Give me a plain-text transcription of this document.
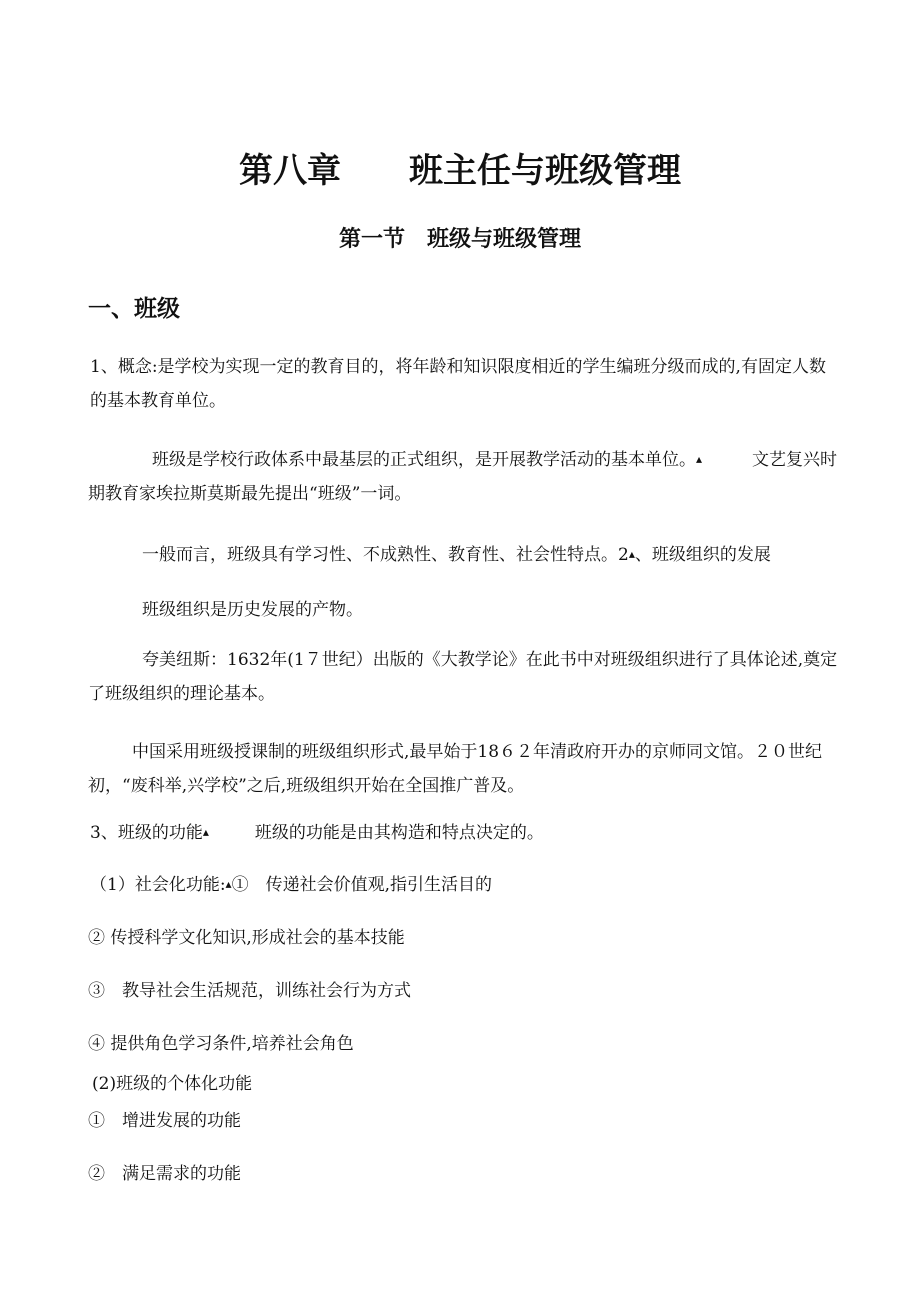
第八章 班主任与班级管理
第一节 班级与班级管理
一、班级
1、概念:是学校为实现一定的教育目的，将年龄和知识限度相近的学生编班分级而成的,有固定人数的基本教育单位。
班级是学校行政体系中最基层的正式组织，是开展教学活动的基本单位。▴	文艺复兴时期教育家埃拉斯莫斯最先提出“班级”一词。
一般而言，班级具有学习性、不成熟性、教育性、社会性特点。2▴、班级组织的发展
班级组织是历史发展的产物。
夸美纽斯：1632年(1７世纪）出版的《大教学论》在此书中对班级组织进行了具体论述,奠定了班级组织的理论基本。
中国采用班级授课制的班级组织形式,最早始于18６２年清政府开办的京师同文馆。２０世纪初，“废科举,兴学校”之后,班级组织开始在全国推广普及。
3、班级的功能▴	班级的功能是由其构造和特点决定的。
（1）社会化功能:▴①　传递社会价值观,指引生活目的
② 传授科学文化知识,形成社会的基本技能
③　教导社会生活规范，训练社会行为方式
④ 提供角色学习条件,培养社会角色
(2)班级的个体化功能
①　增进发展的功能
②　满足需求的功能
